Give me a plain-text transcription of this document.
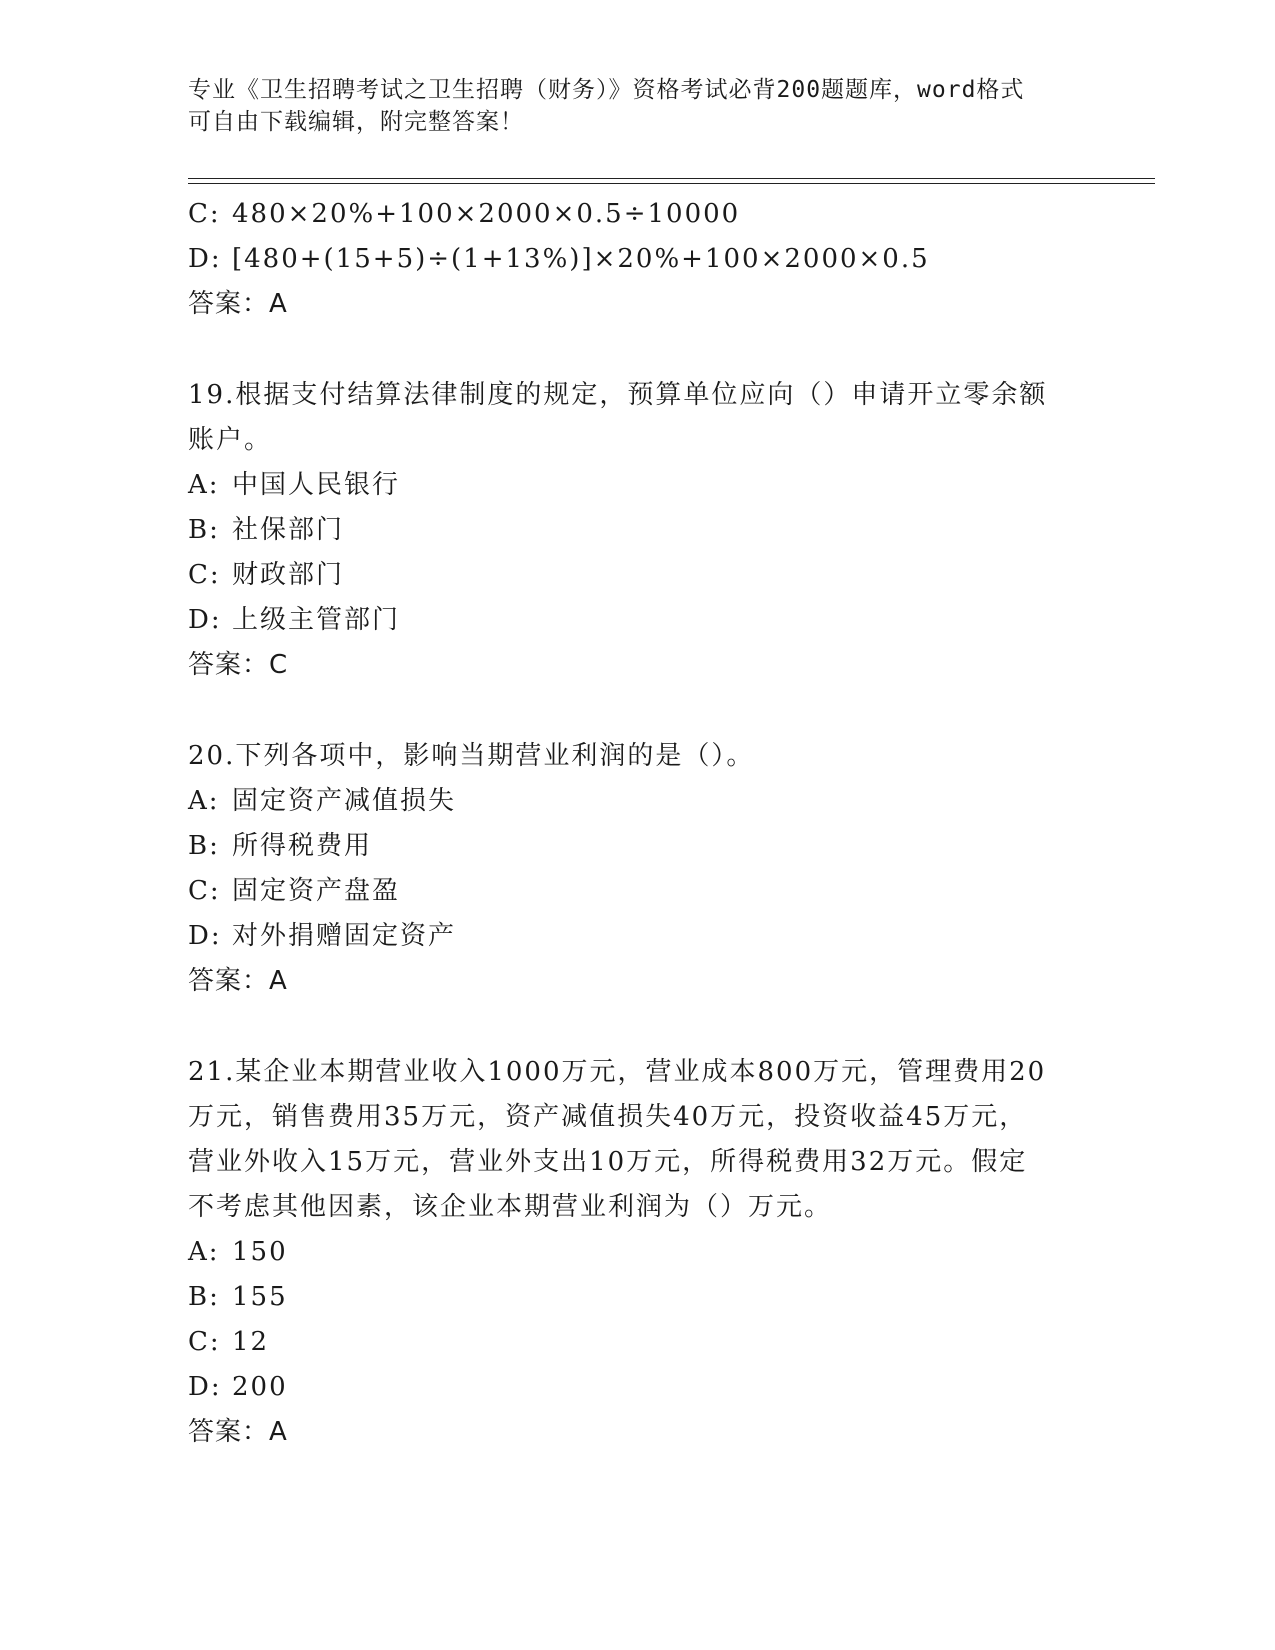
专业《卫生招聘考试之卫生招聘（财务）》资格考试必背200题题库，word格式
可自由下载编辑，附完整答案！
C: 480×20%+100×2000×0.5÷10000
D: [480+(15+5)÷(1+13%)]×20%+100×2000×0.5
答案：A
19.根据支付结算法律制度的规定，预算单位应向（）申请开立零余额
账户。
A: 中国人民银行
B: 社保部门
C: 财政部门
D: 上级主管部门
答案：C
20.下列各项中，影响当期营业利润的是（）。
A: 固定资产减值损失
B: 所得税费用
C: 固定资产盘盈
D: 对外捐赠固定资产
答案：A
21.某企业本期营业收入1000万元，营业成本800万元，管理费用20
万元，销售费用35万元，资产减值损失40万元，投资收益45万元，
营业外收入15万元，营业外支出10万元，所得税费用32万元。假定
不考虑其他因素，该企业本期营业利润为（）万元。
A: 150
B: 155
C: 12
D: 200
答案：A
